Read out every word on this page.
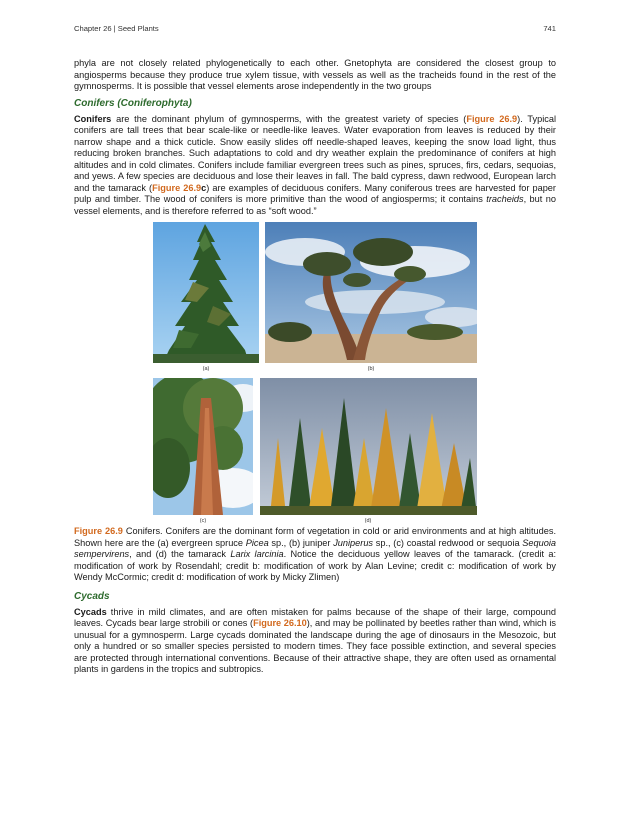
Chapter 26 | Seed Plants	741

phyla are not closely related phylogenetically to each other. Gnetophyta are considered the closest group to angiosperms because they produce true xylem tissue, with vessels as well as the tracheids found in the rest of the gymnosperms. It is possible that vessel elements arose independently in the two groups

Conifers (Coniferophyta)

Conifers are the dominant phylum of gymnosperms, with the greatest variety of species (Figure 26.9). Typical conifers are tall trees that bear scale-like or needle-like leaves. Water evaporation from leaves is reduced by their narrow shape and a thick cuticle. Snow easily slides off needle-shaped leaves, keeping the snow load light, thus reducing broken branches. Such adaptations to cold and dry weather explain the predominance of conifers at high altitudes and in cold climates. Conifers include familiar evergreen trees such as pines, spruces, firs, cedars, sequoias, and yews. A few species are deciduous and lose their leaves in fall. The bald cypress, dawn redwood, European larch and the tamarack (Figure 26.9c) are examples of deciduous conifers. Many coniferous trees are harvested for paper pulp and timber. The wood of conifers is more primitive than the wood of angiosperms; it contains tracheids, but no vessel elements, and is therefore referred to as “soft wood.”

(a)	(b)
(c)	(d)

Figure 26.9 Conifers. Conifers are the dominant form of vegetation in cold or arid environments and at high altitudes. Shown here are the (a) evergreen spruce Picea sp., (b) juniper Juniperus sp., (c) coastal redwood or sequoia Sequoia sempervirens, and (d) the tamarack Larix larcinia. Notice the deciduous yellow leaves of the tamarack. (credit a: modification of work by Rosendahl; credit b: modification of work by Alan Levine; credit c: modification of work by Wendy McCormic; credit d: modification of work by Micky Zlimen)

Cycads

Cycads thrive in mild climates, and are often mistaken for palms because of the shape of their large, compound leaves. Cycads bear large strobili or cones (Figure 26.10), and may be pollinated by beetles rather than wind, which is unusual for a gymnosperm. Large cycads dominated the landscape during the age of dinosaurs in the Mesozoic, but only a hundred or so smaller species persisted to modern times. They face possible extinction, and several species are protected through international conventions. Because of their attractive shape, they are often used as ornamental plants in gardens in the tropics and subtropics.
